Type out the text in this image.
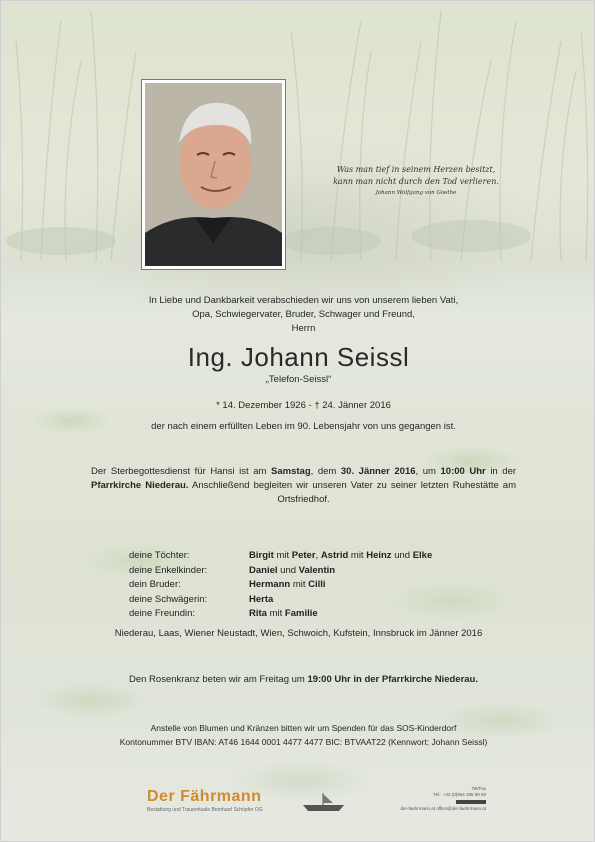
Was man tief in seinem Herzen besitzt,
kann man nicht durch den Tod verlieren.
Johann Wolfgang von Goethe
In Liebe und Dankbarkeit verabschieden wir uns von unserem lieben Vati,
Opa, Schwiegervater, Bruder, Schwager und Freund,
Herrn
Ing. Johann Seissl
„Telefon-Seissl“
* 14. Dezember 1926 - † 24. Jänner 2016
der nach einem erfüllten Leben im 90. Lebensjahr von uns gegangen ist.
Der Sterbegottesdienst für Hansi ist am Samstag, dem 30. Jänner 2016, um 10:00 Uhr in der Pfarrkirche Niederau. Anschließend begleiten wir unseren Vater zu seiner letzten Ruhestätte am Ortsfriedhof.
deine Töchter:	Birgit mit Peter, Astrid mit Heinz und Elke
deine Enkelkinder:	Daniel und Valentin
dein Bruder:	Hermann mit Cilli
deine Schwägerin:	Herta
deine Freundin:	Rita mit Familie
Niederau, Laas, Wiener Neustadt, Wien, Schwoich, Kufstein, Innsbruck im Jänner 2016
Den Rosenkranz beten wir am Freitag um 19:00 Uhr in der Pfarrkirche Niederau.
Anstelle von Blumen und Kränzen bitten wir um Spenden für das SOS-Kinderdorf
Kontonummer BTV IBAN: AT46 1644 0001 4477 4477 BIC: BTVAAT22 (Kennwort: Johann Seissl)
Der Fährmann
Bestattung und Trauerrituale Bernhard Schöpfer OG
Tel/Fax
Tel.: +43 (0)664 195 99 60
der-faehrmann.at office@der-faehrmann.at
